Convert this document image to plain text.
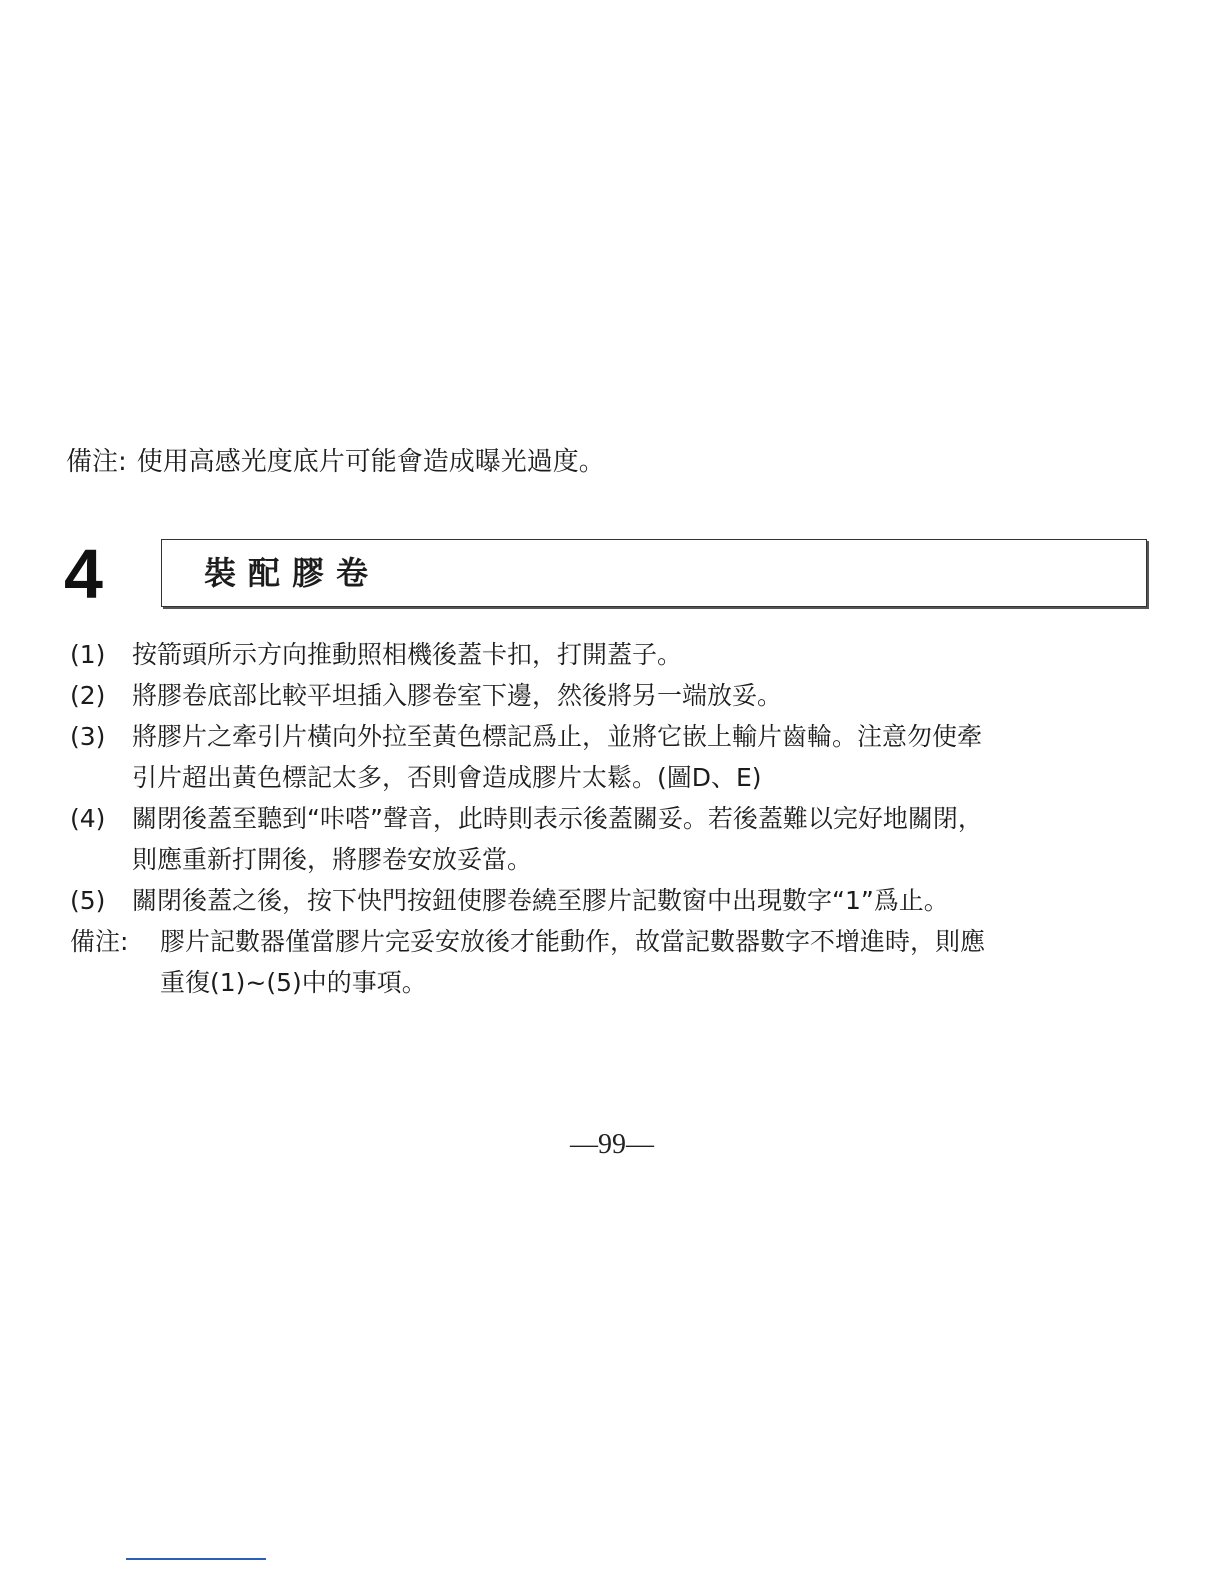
備注: 使用高感光度底片可能會造成曝光過度。
4	裝配膠卷
(1)	按箭頭所示方向推動照相機後蓋卡扣，打開蓋子。
(2)	將膠卷底部比較平坦插入膠卷室下邊，然後將另一端放妥。
(3)	將膠片之牽引片橫向外拉至黃色標記爲止，並將它嵌上輸片齒輪。注意勿使牽
引片超出黃色標記太多，否則會造成膠片太鬆。(圖D、E)
(4)	關閉後蓋至聽到“咔嗒”聲音，此時則表示後蓋關妥。若後蓋難以完好地關閉，
則應重新打開後，將膠卷安放妥當。
(5)	關閉後蓋之後，按下快門按鈕使膠卷繞至膠片記數窗中出現數字“1”爲止。
備注:	膠片記數器僅當膠片完妥安放後才能動作，故當記數器數字不增進時，則應
重復(1)~(5)中的事項。
—99—
